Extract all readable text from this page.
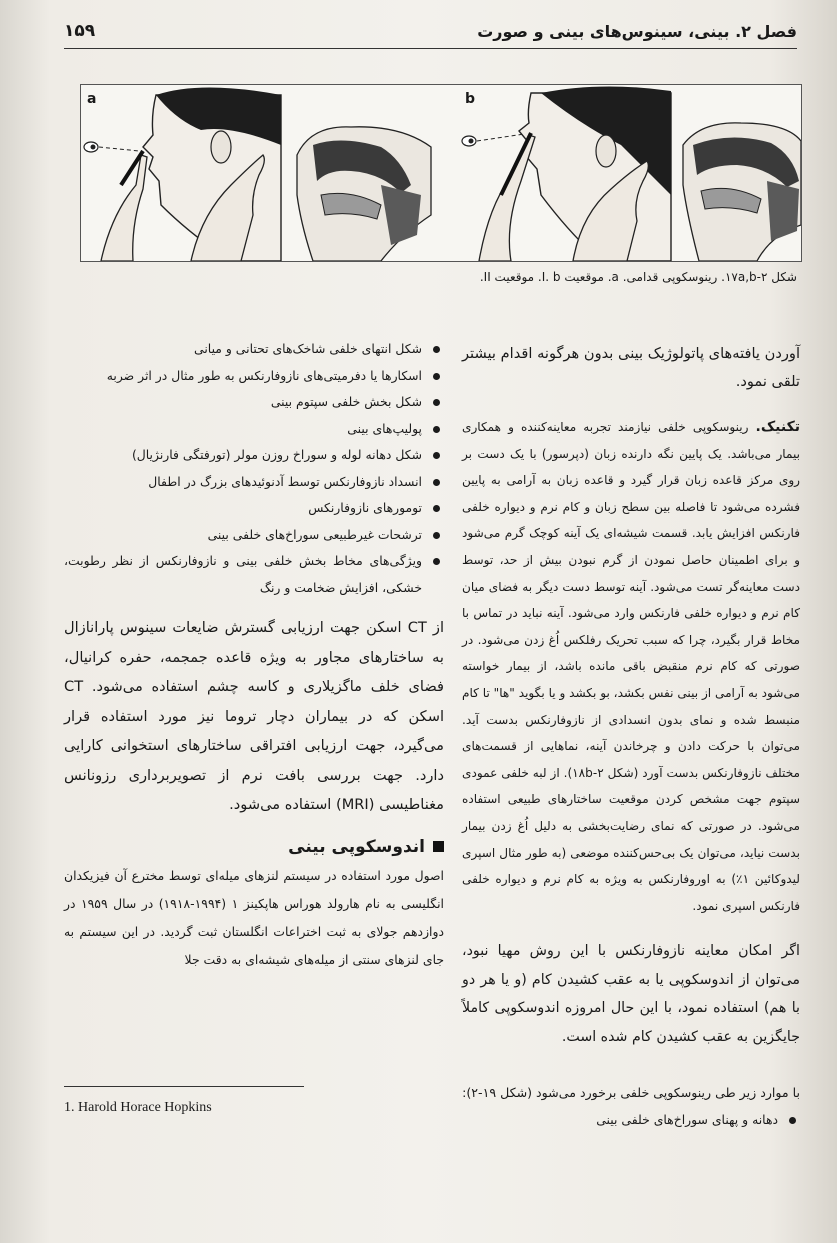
۱۵۹	فصل ۲. بینی، سینوس‌های بینی و صورت
a	b
شکل ۱۷a,b-۲. رینوسکوپی قدامی. a. موقعیت I. b. موقعیت II.
آوردن یافته‌های پاتولوژیک بینی بدون هرگونه اقدام بیشتر تلقی نمود.
تکنیک. رینوسکوپی خلفی نیازمند تجربه معاینه‌کننده و همکاری بیمار می‌باشد. یک پایین نگه دارنده زبان (دپرسور) با یک دست بر روی مرکز قاعده زبان قرار گیرد و قاعده زبان به آرامی به پایین فشرده می‌شود تا فاصله بین سطح زبان و کام نرم و دیواره خلفی فارنکس افزایش یابد. قسمت شیشه‌ای یک آینه کوچک گرم می‌شود و برای اطمینان حاصل نمودن از گرم نبودن بیش از حد، توسط دست معاینه‌گر تست می‌شود. آینه توسط دست دیگر به فضای میان کام نرم و دیواره خلفی فارنکس وارد می‌شود. آینه نباید در تماس با مخاط قرار بگیرد، چرا که سبب تحریک رفلکس اُغ زدن می‌شود. در صورتی که کام نرم منقبض باقی مانده باشد، از بیمار خواسته می‌شود به آرامی از بینی نفس بکشد، بو بکشد و یا بگوید "ها" تا کام منبسط شده و نمای بدون انسدادی از نازوفارنکس بدست آید. می‌توان با حرکت دادن و چرخاندن آینه، نماهایی از قسمت‌های مختلف نازوفارنکس بدست آورد (شکل ۱۸b-۲). از لبه خلفی عمودی سپتوم جهت مشخص کردن موقعیت ساختارهای طبیعی استفاده می‌شود. در صورتی که نمای رضایت‌بخشی به دلیل اُغ زدن بیمار بدست نیاید، می‌توان یک بی‌حس‌کننده موضعی (به طور مثال اسپری لیدوکائین ۱٪) به اوروفارنکس به ویژه به کام نرم و دیواره خلفی فارنکس اسپری نمود.
اگر امکان معاینه نازوفارنکس با این روش مهیا نبود، می‌توان از اندوسکوپی یا به عقب کشیدن کام (و یا هر دو با هم) استفاده نمود، با این حال امروزه اندوسکوپی کاملاً جایگزین به عقب کشیدن کام شده است.
با موارد زیر طی رینوسکوپی خلفی برخورد می‌شود (شکل ۱۹-۲):
دهانه و پهنای سوراخ‌های خلفی بینی
شکل انتهای خلفی شاخک‌های تحتانی و میانی
اسکارها یا دفرمیتی‌های نازوفارنکس به طور مثال در اثر ضربه
شکل بخش خلفی سپتوم بینی
پولیپ‌های بینی
شکل دهانه لوله و سوراخ روزن مولر (تورفتگی فارنژیال)
انسداد نازوفارنکس توسط آدنوئیدهای بزرگ در اطفال
تومورهای نازوفارنکس
ترشحات غیرطبیعی سوراخ‌های خلفی بینی
ویژگی‌های مخاط بخش خلفی بینی و نازوفارنکس از نظر رطوبت، خشکی، افزایش ضخامت و رنگ
از CT اسکن جهت ارزیابی گسترش ضایعات سینوس پارانازال به ساختارهای مجاور به ویژه قاعده جمجمه، حفره کرانیال، فضای خلف ماگزیلاری و کاسه چشم استفاده می‌شود. CT اسکن که در بیماران دچار تروما نیز مورد استفاده قرار می‌گیرد، جهت ارزیابی افتراقی ساختارهای استخوانی کارایی دارد. جهت بررسی بافت نرم از تصویربرداری رزونانس مغناطیسی (MRI) استفاده می‌شود.
اندوسکوپی بینی
اصول مورد استفاده در سیستم لنزهای میله‌ای توسط مخترع آن فیزیکدان انگلیسی به نام هارولد هوراس هاپکینز ۱ (۱۹۹۴-۱۹۱۸) در سال ۱۹۵۹ در دوازدهم جولای به ثبت اختراعات انگلستان ثبت گردید. در این سیستم به جای لنزهای سنتی از میله‌های شیشه‌ای به دقت جلا
1. Harold Horace Hopkins
